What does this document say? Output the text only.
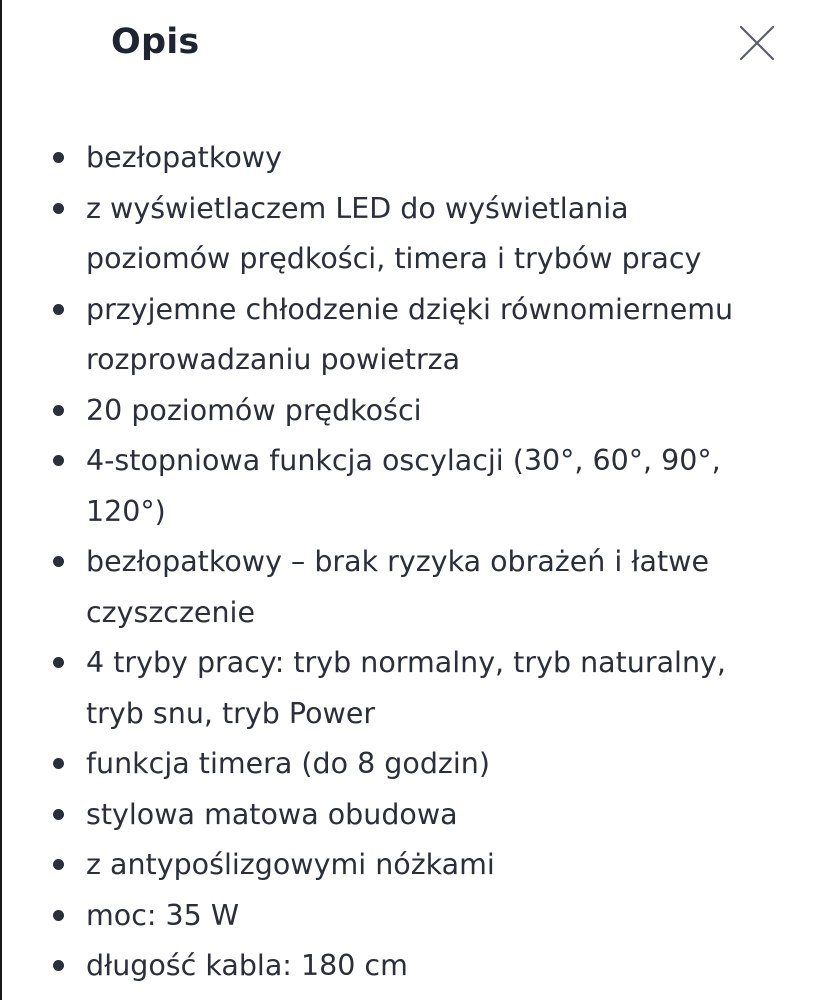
Opis
bezłopatkowy
z wyświetlaczem LED do wyświetlania
poziomów prędkości, timera i trybów pracy
przyjemne chłodzenie dzięki równomiernemu
rozprowadzaniu powietrza
20 poziomów prędkości
4-stopniowa funkcja oscylacji (30°, 60°, 90°,
120°)
bezłopatkowy – brak ryzyka obrażeń i łatwe
czyszczenie
4 tryby pracy: tryb normalny, tryb naturalny,
tryb snu, tryb Power
funkcja timera (do 8 godzin)
stylowa matowa obudowa
z antypoślizgowymi nóżkami
moc: 35 W
długość kabla: 180 cm
